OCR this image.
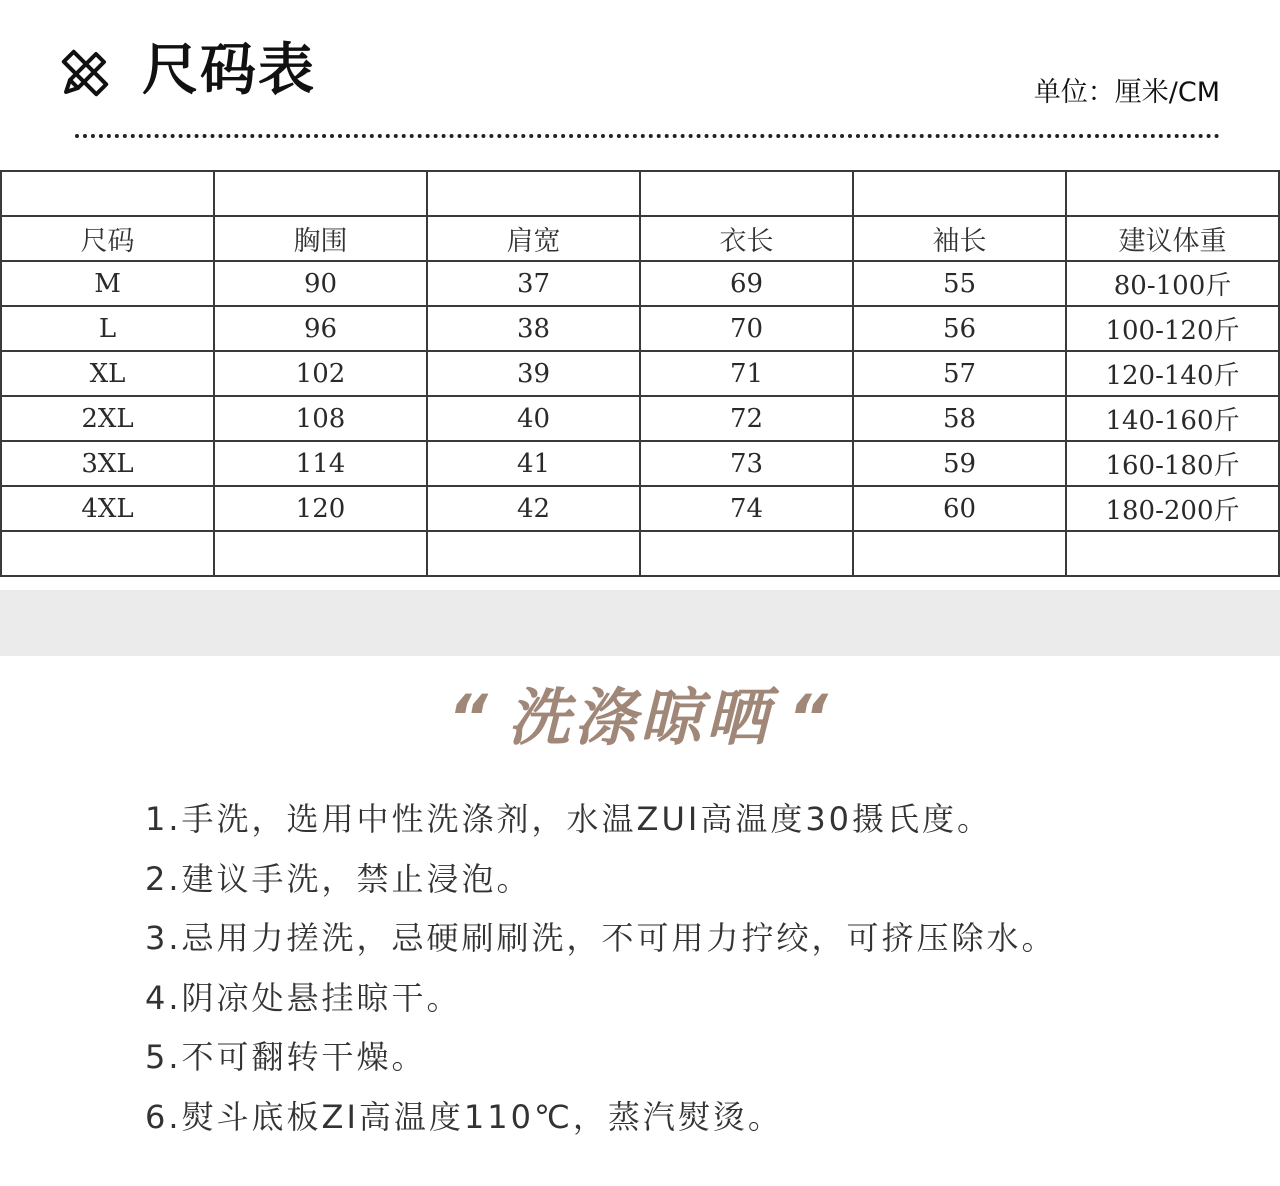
尺码表	单位：厘米/CM

尺码	胸围	肩宽	衣长	袖长	建议体重
M	90	37	69	55	80-100斤
L	96	38	70	56	100-120斤
XL	102	39	71	57	120-140斤
2XL	108	40	72	58	140-160斤
3XL	114	41	73	59	160-180斤
4XL	120	42	74	60	180-200斤

“ 洗涤晾晒 “
1.手洗，选用中性洗涤剂，水温ZUI高温度30摄氏度。
2.建议手洗，禁止浸泡。
3.忌用力搓洗，忌硬刷刷洗，不可用力拧绞，可挤压除水。
4.阴凉处悬挂晾干。
5.不可翻转干燥。
6.熨斗底板ZI高温度110℃，蒸汽熨烫。
